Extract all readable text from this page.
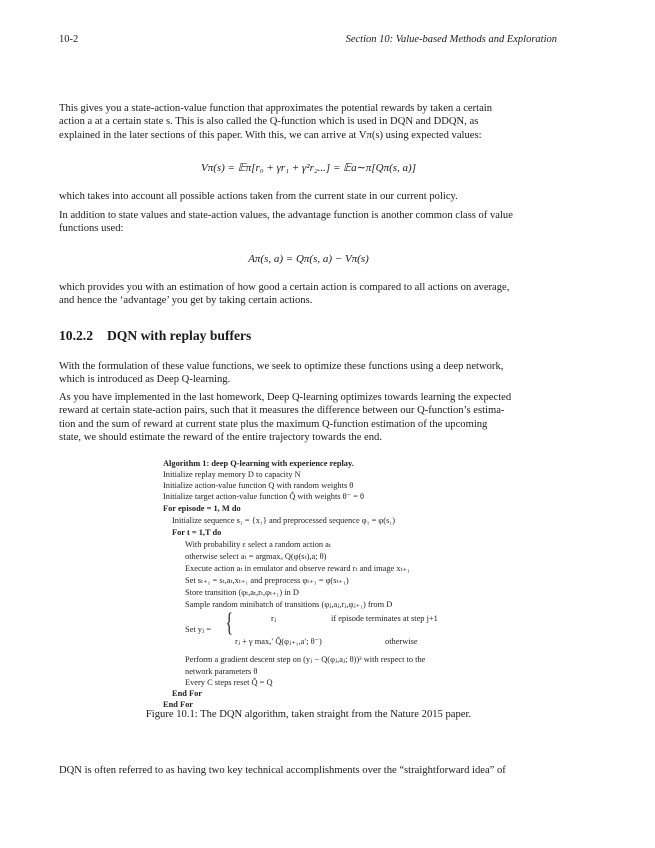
10-2	Section 10: Value-based Methods and Exploration

This gives you a state-action-value function that approximates the potential rewards by taken a certain

action a at a certain state s. This is also called the Q-function which is used in DQN and DDQN, as

explained in the later sections of this paper. With this, we can arrive at Vπ(s) using expected values:

Vπ(s) = 𝔼π[r₀ + γr₁ + γ²r₂...] = 𝔼a∼π[Qπ(s, a)]

which takes into account all possible actions taken from the current state in our current policy.

In addition to state values and state-action values, the advantage function is another common class of value

functions used:

Aπ(s, a) = Qπ(s, a) − Vπ(s)

which provides you with an estimation of how good a certain action is compared to all actions on average,

and hence the ‘advantage’ you get by taking certain actions.

10.2.2 DQN with replay buffers

With the formulation of these value functions, we seek to optimize these functions using a deep network,

which is introduced as Deep Q-learning.

As you have implemented in the last homework, Deep Q-learning optimizes towards learning the expected

reward at certain state-action pairs, such that it measures the difference between our Q-function’s estima-

tion and the sum of reward at current state plus the maximum Q-function estimation of the upcoming

state, we should estimate the reward of the entire trajectory towards the end.

Algorithm 1: deep Q-learning with experience replay.
Initialize replay memory D to capacity N
Initialize action-value function Q with random weights θ
Initialize target action-value function Q̂ with weights θ⁻ = θ
For episode = 1, M do
Initialize sequence s₁ = {x₁} and preprocessed sequence φ₁ = φ(s₁)
For t = 1,T do
With probability ε select a random action aₜ
otherwise select aₜ = argmaxₐ Q(φ(sₜ),a; θ)
Execute action aₜ in emulator and observe reward rₜ and image xₜ₊₁
Set sₜ₊₁ = sₜ,aₜ,xₜ₊₁ and preprocess φₜ₊₁ = φ(sₜ₊₁)
Store transition (φₜ,aₜ,rₜ,φₜ₊₁) in D
Sample random minibatch of transitions (φⱼ,aⱼ,rⱼ,φⱼ₊₁) from D
rⱼ	if episode terminates at step j+1
Set yⱼ = {
rⱼ + γ maxₐ′ Q̂(φⱼ₊₁,a′; θ⁻)	otherwise
Perform a gradient descent step on (yⱼ − Q(φⱼ,aⱼ; θ))² with respect to the
network parameters θ
Every C steps reset Q̂ = Q
End For
End For
Figure 10.1: The DQN algorithm, taken straight from the Nature 2015 paper.
DQN is often referred to as having two key technical accomplishments over the “straightforward idea” of
